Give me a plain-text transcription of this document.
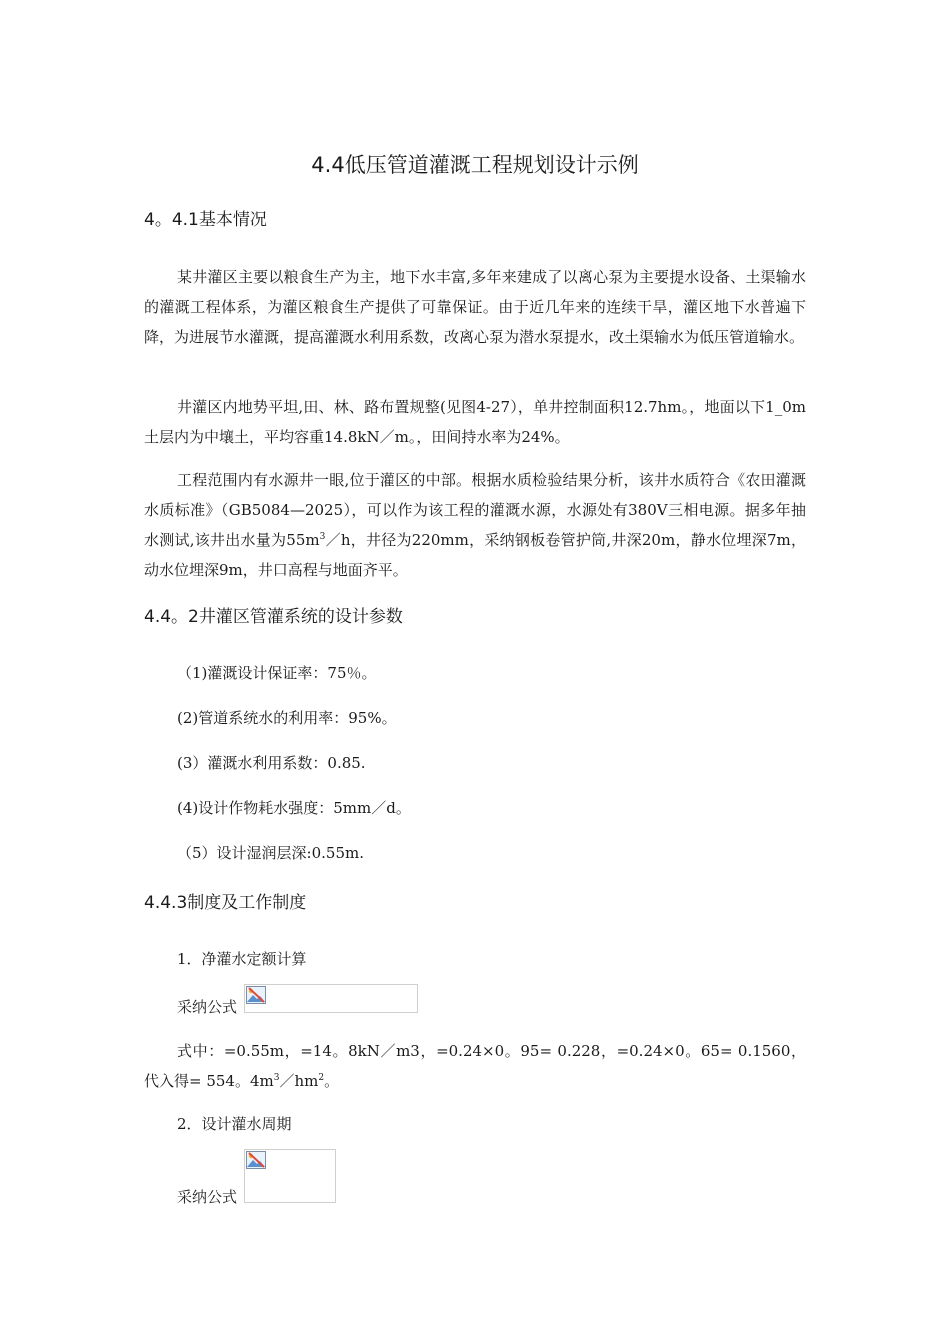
4.4低压管道灌溉工程规划设计示例
4。4.1基本情况

某井灌区主要以粮食生产为主，地下水丰富,多年来建成了以离心泵为主要提水设备、土渠输水的灌溉工程体系，为灌区粮食生产提供了可靠保证。由于近几年来的连续干旱，灌区地下水普遍下降，为进展节水灌溉，提高灌溉水利用系数，改离心泵为潜水泵提水，改土渠输水为低压管道输水。

井灌区内地势平坦,田、林、路布置规整(见图4-27），单井控制面积12.7hm。，地面以下1_0m土层内为中壤土，平均容重14.8kN／m。，田间持水率为24%。

工程范围内有水源井一眼,位于灌区的中部。根据水质检验结果分析，该井水质符合《农田灌溉水质标准》（GB5084—2025），可以作为该工程的灌溉水源，水源处有380V三相电源。据多年抽水测试,该井出水量为$55m^3/h$，井径为220mm，采纳钢板卷管护筒,井深20m，静水位埋深7m，动水位埋深9m，井口高程与地面齐平。

4.4。2井灌区管灌系统的设计参数
（1)灌溉设计保证率：75％。
(2)管道系统水的利用率：95%。
(3）灌溉水利用系数：0.85.
(4)设计作物耗水强度：5mm／d。
（5）设计湿润层深:0.55m.
4.4.3制度及工作制度
1．净灌水定额计算
采纳公式

式中：=0.55m，=14。8kN／m3，=0.24×0。95= 0.228，=0.24×0。65= 0.1560，代入得= 554。$4m^3/hm^2$。

2．设计灌水周期
采纳公式
